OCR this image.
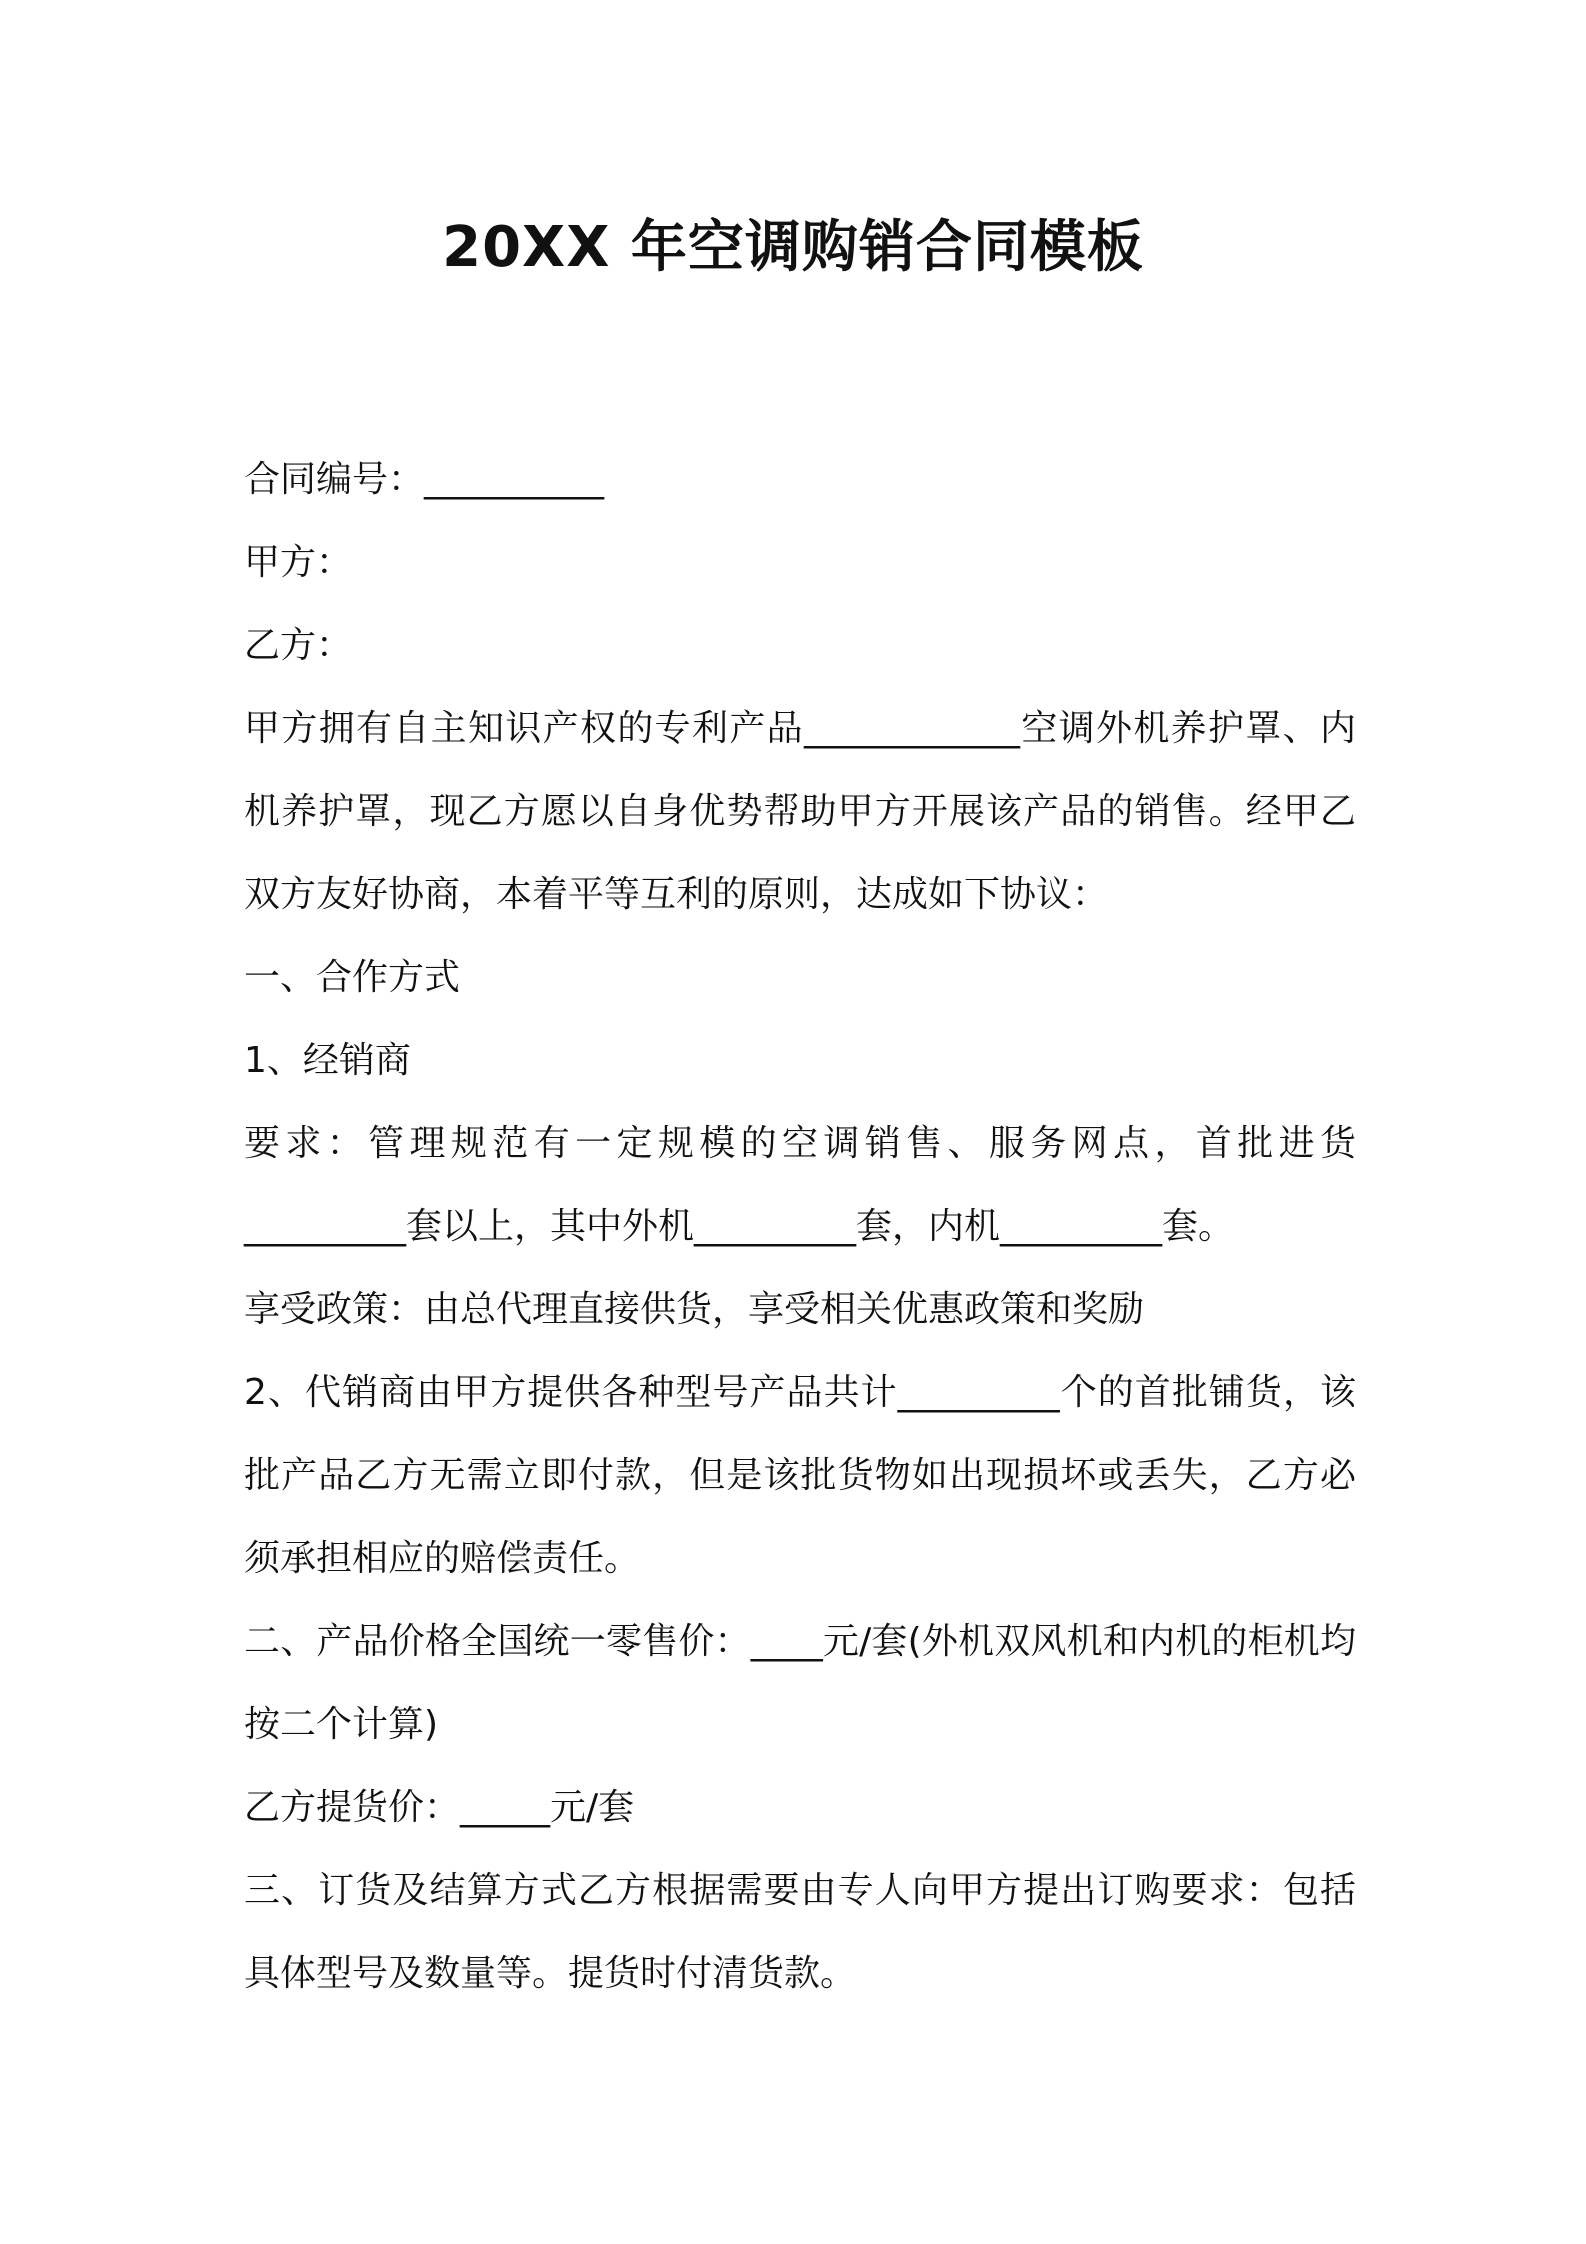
20XX 年空调购销合同模板

合同编号：__________

甲方：

乙方：

甲方拥有自主知识产权的专利产品____________空调外机养护罩、内机养护罩，现乙方愿以自身优势帮助甲方开展该产品的销售。经甲乙双方友好协商，本着平等互利的原则，达成如下协议：

一、合作方式

1、经销商

要求：管理规范有一定规模的空调销售、服务网点，首批进货_________套以上，其中外机_________套，内机_________套。

享受政策：由总代理直接供货，享受相关优惠政策和奖励

2、代销商由甲方提供各种型号产品共计_________个的首批铺货，该批产品乙方无需立即付款，但是该批货物如出现损坏或丢失，乙方必须承担相应的赔偿责任。

二、产品价格全国统一零售价：____元/套(外机双风机和内机的柜机均按二个计算)

乙方提货价：_____元/套

三、订货及结算方式乙方根据需要由专人向甲方提出订购要求：包括具体型号及数量等。提货时付清货款。
